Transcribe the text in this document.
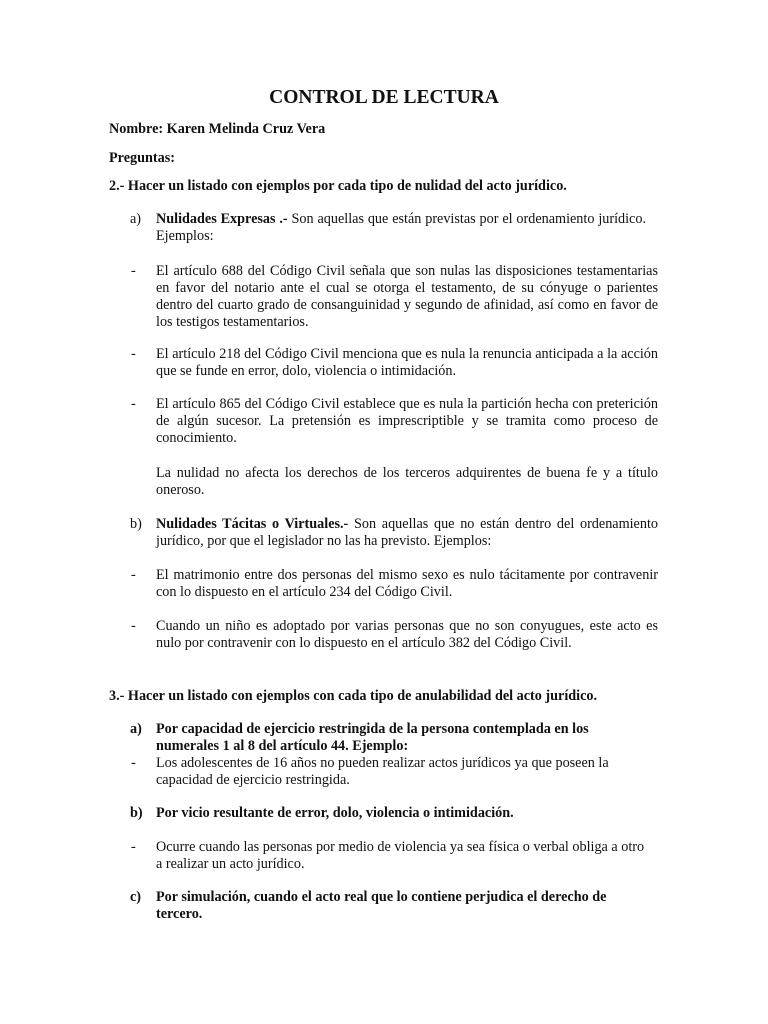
CONTROL DE LECTURA
Nombre: Karen Melinda Cruz Vera
Preguntas:
2.- Hacer un listado con ejemplos por cada tipo de nulidad del acto jurídico.
a) Nulidades Expresas .- Son aquellas que están previstas por el ordenamiento jurídico. Ejemplos:
- El artículo 688 del Código Civil señala que son nulas las disposiciones testamentarias en favor del notario ante el cual se otorga el testamento, de su cónyuge o parientes dentro del cuarto grado de consanguinidad y segundo de afinidad, así como en favor de los testigos testamentarios.
- El artículo 218 del Código Civil menciona que es nula la renuncia anticipada a la acción que se funde en error, dolo, violencia o intimidación.
- El artículo 865 del Código Civil establece que es nula la partición hecha con preterición de algún sucesor. La pretensión es imprescriptible y se tramita como proceso de conocimiento.
La nulidad no afecta los derechos de los terceros adquirentes de buena fe y a título oneroso.
b) Nulidades Tácitas o Virtuales.- Son aquellas que no están dentro del ordenamiento jurídico, por que el legislador no las ha previsto. Ejemplos:
- El matrimonio entre dos personas del mismo sexo es nulo tácitamente por contravenir con lo dispuesto en el artículo 234 del Código Civil.
- Cuando un niño es adoptado por varias personas que no son conyugues, este acto es nulo por contravenir con lo dispuesto en el artículo 382 del Código Civil.
3.- Hacer un listado con ejemplos con cada tipo de anulabilidad del acto jurídico.
a) Por capacidad de ejercicio restringida de la persona contemplada en los numerales 1 al 8 del artículo 44. Ejemplo:
- Los adolescentes de 16 años no pueden realizar actos jurídicos ya que poseen la capacidad de ejercicio restringida.
b) Por vicio resultante de error, dolo, violencia o intimidación.
- Ocurre cuando las personas por medio de violencia ya sea física o verbal obliga a otro a realizar un acto jurídico.
c) Por simulación, cuando el acto real que lo contiene perjudica el derecho de tercero.
